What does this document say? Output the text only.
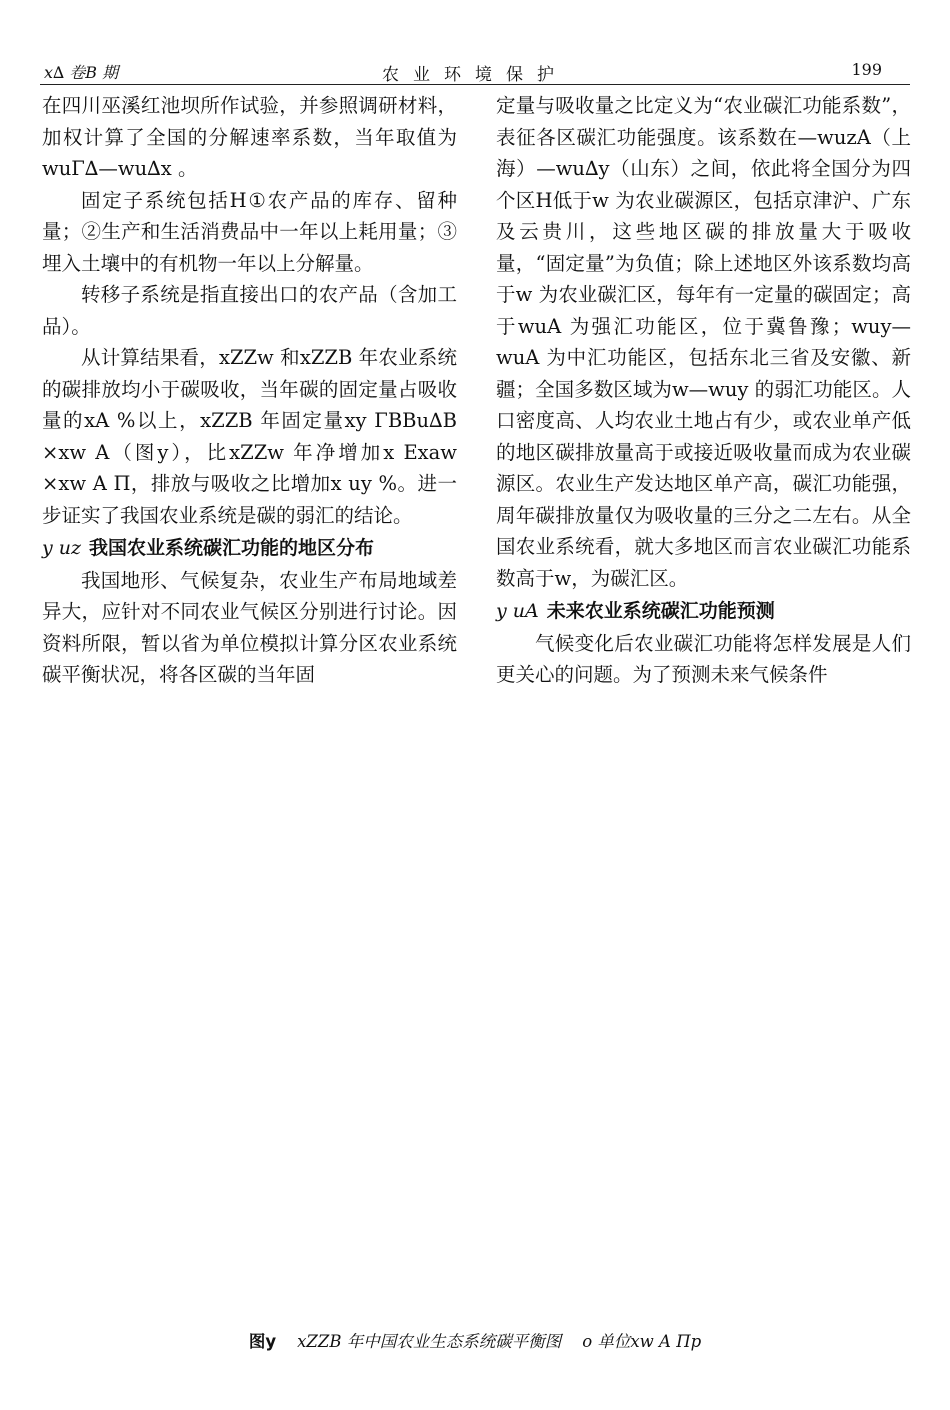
x∆ 卷B 期	农业环境保护	199

在四川巫溪红池坝所作试验，并参照调研材料，加权计算了全国的分解速率系数，当年取值为wuΓ∆—wu∆x 。

固定子系统包括H①农产品的库存、留种量；②生产和生活消费品中一年以上耗用量；③埋入土壤中的有机物一年以上分解量。

转移子系统是指直接出口的农产品（含加工品）。

从计算结果看，xZZw 和xZZB 年农业系统的碳排放均小于碳吸收，当年碳的固定量占吸收量的xA %以上，xZZB 年固定量xy ΓBBu∆B ×xw A（图y），比xZZw 年净增加x Exaw ×xw A Π，排放与吸收之比增加x uy %。进一步证实了我国农业系统是碳的弱汇的结论。

y uz 我国农业系统碳汇功能的地区分布

我国地形、气候复杂，农业生产布局地域差异大，应针对不同农业气候区分别进行讨论。因资料所限，暂以省为单位模拟计算分区农业系统碳平衡状况，将各区碳的当年固

定量与吸收量之比定义为“农业碳汇功能系数”，表征各区碳汇功能强度。该系数在—wuzA（上海）—wu∆y（山东）之间，依此将全国分为四个区H低于w 为农业碳源区，包括京津沪、广东及云贵川，这些地区碳的排放量大于吸收量，“固定量”为负值；除上述地区外该系数均高于w 为农业碳汇区，每年有一定量的碳固定；高于wuA 为强汇功能区，位于冀鲁豫；wuy—wuA 为中汇功能区，包括东北三省及安徽、新疆；全国多数区域为w—wuy 的弱汇功能区。人口密度高、人均农业土地占有少，或农业单产低的地区碳排放量高于或接近吸收量而成为农业碳源区。农业生产发达地区单产高，碳汇功能强，周年碳排放量仅为吸收量的三分之二左右。从全国农业系统看，就大多地区而言农业碳汇功能系数高于w，为碳汇区。

y uA 未来农业系统碳汇功能预测

气候变化后农业碳汇功能将怎样发展是人们更关心的问题。为了预测未来气候条件

图y xZZB 年中国农业生态系统碳平衡图 o 单位xw A Πp
